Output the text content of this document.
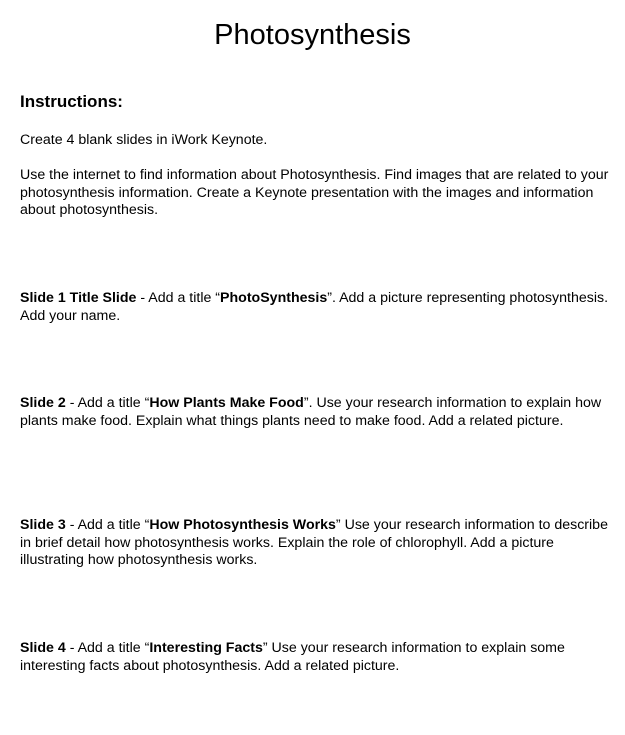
Photosynthesis
Instructions:

Create 4 blank slides in iWork Keynote.

Use the internet to find information about Photosynthesis. Find images that are related to your photosynthesis information. Create a Keynote presentation with the images and information about photosynthesis.

Slide 1 Title Slide - Add a title “PhotoSynthesis”. Add a picture representing photosynthesis. Add your name.

Slide 2 - Add a title “How Plants Make Food”. Use your research information to explain how plants make food. Explain what things plants need to make food. Add a related picture.

Slide 3 - Add a title “How Photosynthesis Works” Use your research information to describe in brief detail how photosynthesis works. Explain the role of chlorophyll. Add a picture illustrating how photosynthesis works.

Slide 4 - Add a title “Interesting Facts” Use your research information to explain some interesting facts about photosynthesis. Add a related picture.
